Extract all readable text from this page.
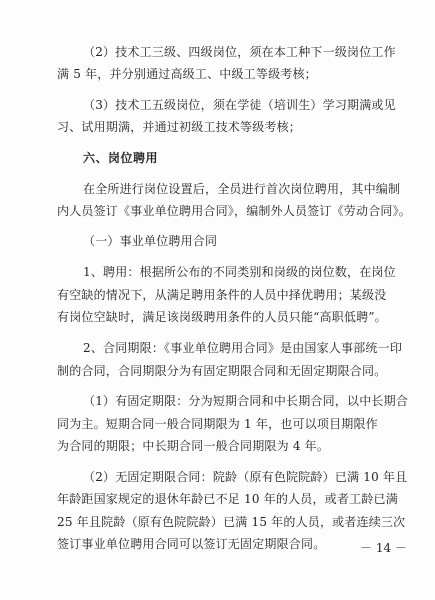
（2）技术工三级、四级岗位，须在本工种下一级岗位工作
满 5 年，并分别通过高级工、中级工等级考核；
（3）技术工五级岗位，须在学徒（培训生）学习期满或见
习、试用期满，并通过初级工技术等级考核；
六、岗位聘用
在全所进行岗位设置后，全员进行首次岗位聘用，其中编制
内人员签订《事业单位聘用合同》，编制外人员签订《劳动合同》。
（一）事业单位聘用合同
1、聘用：根据所公布的不同类别和岗级的岗位数，在岗位
有空缺的情况下，从满足聘用条件的人员中择优聘用；某级没
有岗位空缺时，满足该岗级聘用条件的人员只能“高职低聘”。
2、合同期限：《事业单位聘用合同》是由国家人事部统一印
制的合同，合同期限分为有固定期限合同和无固定期限合同。
（1）有固定期限：分为短期合同和中长期合同，以中长期合
同为主。短期合同一般合同期限为 1 年，也可以项目期限作
为合同的期限；中长期合同一般合同期限为 4 年。
（2）无固定期限合同：院龄（原有色院院龄）已满 10 年且
年龄距国家规定的退休年龄已不足 10 年的人员，或者工龄已满
25 年且院龄（原有色院院龄）已满 15 年的人员，或者连续三次
签订事业单位聘用合同可以签订无固定期限合同。	－ 14 －
